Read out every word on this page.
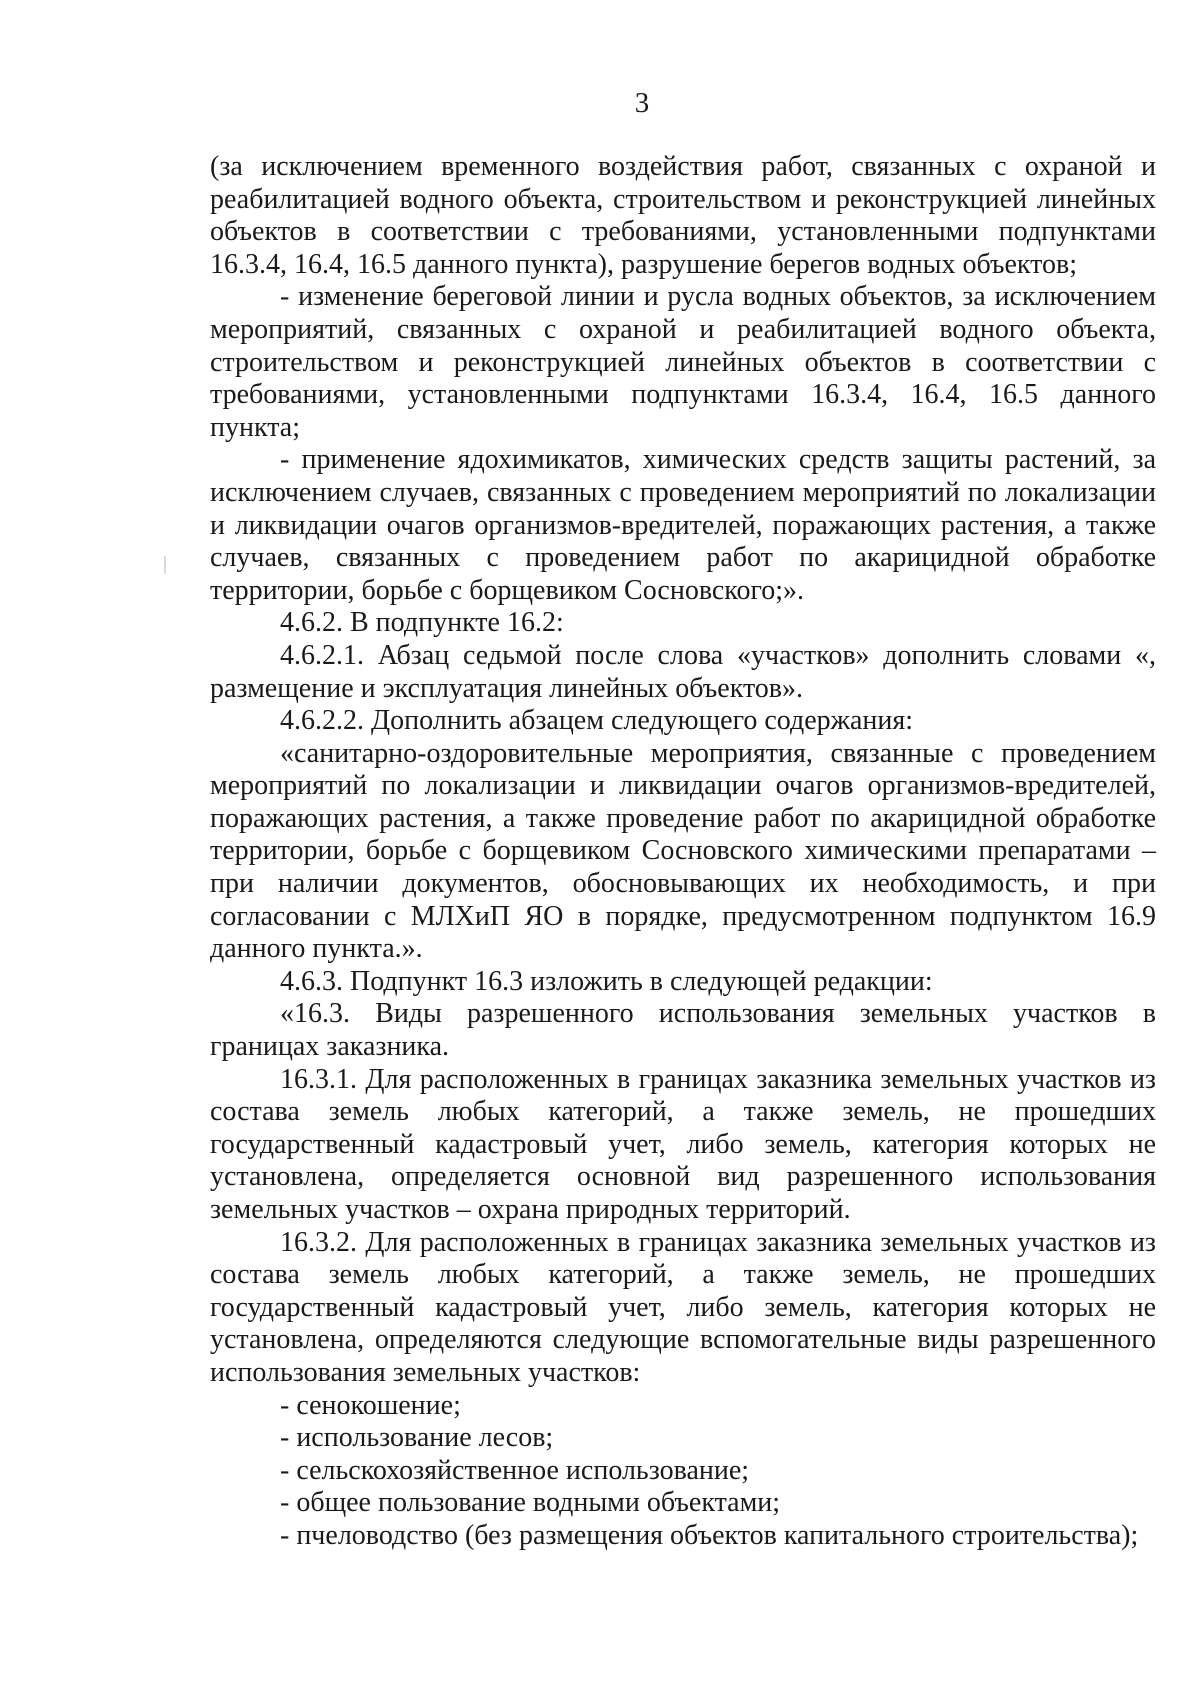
3

(за исключением временного воздействия работ, связанных с охраной и реабилитацией водного объекта, строительством и реконструкцией линейных объектов в соответствии с требованиями, установленными подпунктами 16.3.4, 16.4, 16.5 данного пункта), разрушение берегов водных объектов;

- изменение береговой линии и русла водных объектов, за исключением мероприятий, связанных с охраной и реабилитацией водного объекта, строительством и реконструкцией линейных объектов в соответствии с требованиями, установленными подпунктами 16.3.4, 16.4, 16.5 данного пункта;

- применение ядохимикатов, химических средств защиты растений, за исключением случаев, связанных с проведением мероприятий по локализации и ликвидации очагов организмов-вредителей, поражающих растения, а также случаев, связанных с проведением работ по акарицидной обработке территории, борьбе с борщевиком Сосновского;».

4.6.2. В подпункте 16.2:

4.6.2.1. Абзац седьмой после слова «участков» дополнить словами «, размещение и эксплуатация линейных объектов».

4.6.2.2. Дополнить абзацем следующего содержания:

«санитарно-оздоровительные мероприятия, связанные с проведением мероприятий по локализации и ликвидации очагов организмов-вредителей, поражающих растения, а также проведение работ по акарицидной обработке территории, борьбе с борщевиком Сосновского химическими препаратами – при наличии документов, обосновывающих их необходимость, и при согласовании с МЛХиП ЯО в порядке, предусмотренном подпунктом 16.9 данного пункта.».

4.6.3. Подпункт 16.3 изложить в следующей редакции:

«16.3. Виды разрешенного использования земельных участков в границах заказника.

16.3.1. Для расположенных в границах заказника земельных участков из состава земель любых категорий, а также земель, не прошедших государственный кадастровый учет, либо земель, категория которых не установлена, определяется основной вид разрешенного использования земельных участков – охрана природных территорий.

16.3.2. Для расположенных в границах заказника земельных участков из состава земель любых категорий, а также земель, не прошедших государственный кадастровый учет, либо земель, категория которых не установлена, определяются следующие вспомогательные виды разрешенного использования земельных участков:

- сенокошение;

- использование лесов;

- сельскохозяйственное использование;

- общее пользование водными объектами;

- пчеловодство (без размещения объектов капитального строительства);
